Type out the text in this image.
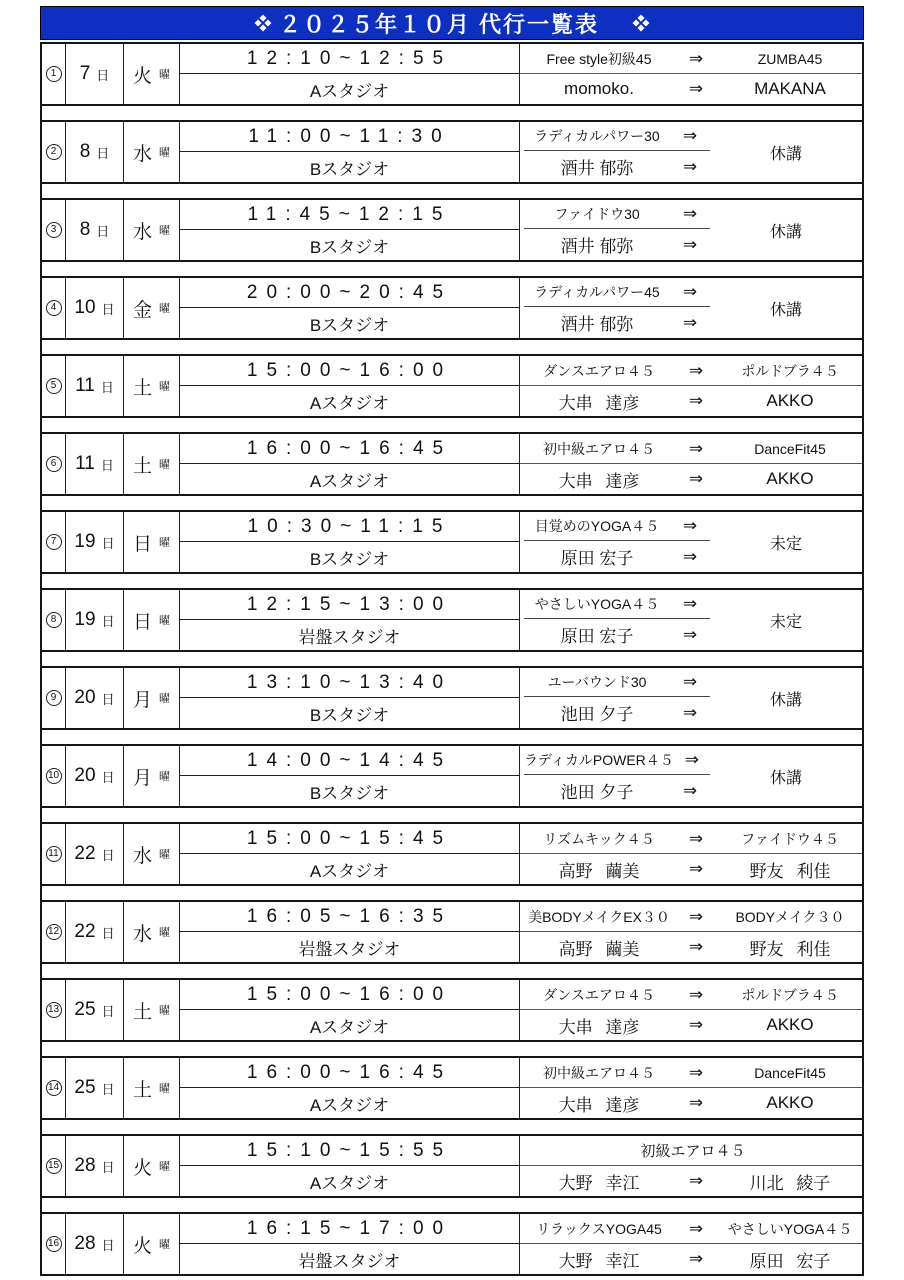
２０２５年１０月 代行一覧表
1 7 日 火 曜
12:10~12:55
Aスタジオ
Free style初級45	⇒	ZUMBA45
momoko.	⇒	MAKANA
2 8 日 水 曜
11:00~11:30
Bスタジオ
ラディカルパワー30	⇒
酒井 郁弥	⇒
休講
3 8 日 水 曜
11:45~12:15
Bスタジオ
ファイドウ30	⇒
酒井 郁弥	⇒
休講
4 10 日 金 曜
20:00~20:45
Bスタジオ
ラディカルパワー45	⇒
酒井 郁弥	⇒
休講
5 11 日 土 曜
15:00~16:00
Aスタジオ
ダンスエアロ４５	⇒	ポルドブラ４５
大串 達彦	⇒	AKKO
6 11 日 土 曜
16:00~16:45
Aスタジオ
初中級エアロ４５	⇒	DanceFit45
大串 達彦	⇒	AKKO
7 19 日 日 曜
10:30~11:15
Bスタジオ
目覚めのYOGA４５	⇒
原田 宏子	⇒
未定
8 19 日 日 曜
12:15~13:00
岩盤スタジオ
やさしいYOGA４５	⇒
原田 宏子	⇒
未定
9 20 日 月 曜
13:10~13:40
Bスタジオ
ユーバウンド30	⇒
池田 夕子	⇒
休講
10 20 日 月 曜
14:00~14:45
Bスタジオ
ラディカルPOWER４５ ⇒
池田 夕子	⇒
休講
11 22 日 水 曜
15:00~15:45
Aスタジオ
リズムキック４５	⇒	ファイドウ４５
高野 繭美	⇒	野友 利佳
12 22 日 水 曜
16:05~16:35
岩盤スタジオ
美BODYメイクEX３０	⇒	BODYメイク３０
高野 繭美	⇒	野友 利佳
13 25 日 土 曜
15:00~16:00
Aスタジオ
ダンスエアロ４５	⇒	ポルドブラ４５
大串 達彦	⇒	AKKO
14 25 日 土 曜
16:00~16:45
Aスタジオ
初中級エアロ４５	⇒	DanceFit45
大串 達彦	⇒	AKKO
15 28 日 火 曜
15:10~15:55
Aスタジオ
初級エアロ４５
大野 幸江	⇒	川北 綾子
16 28 日 火 曜
16:15~17:00
岩盤スタジオ
リラックスYOGA45	⇒	やさしいYOGA４５
大野 幸江	⇒	原田 宏子
